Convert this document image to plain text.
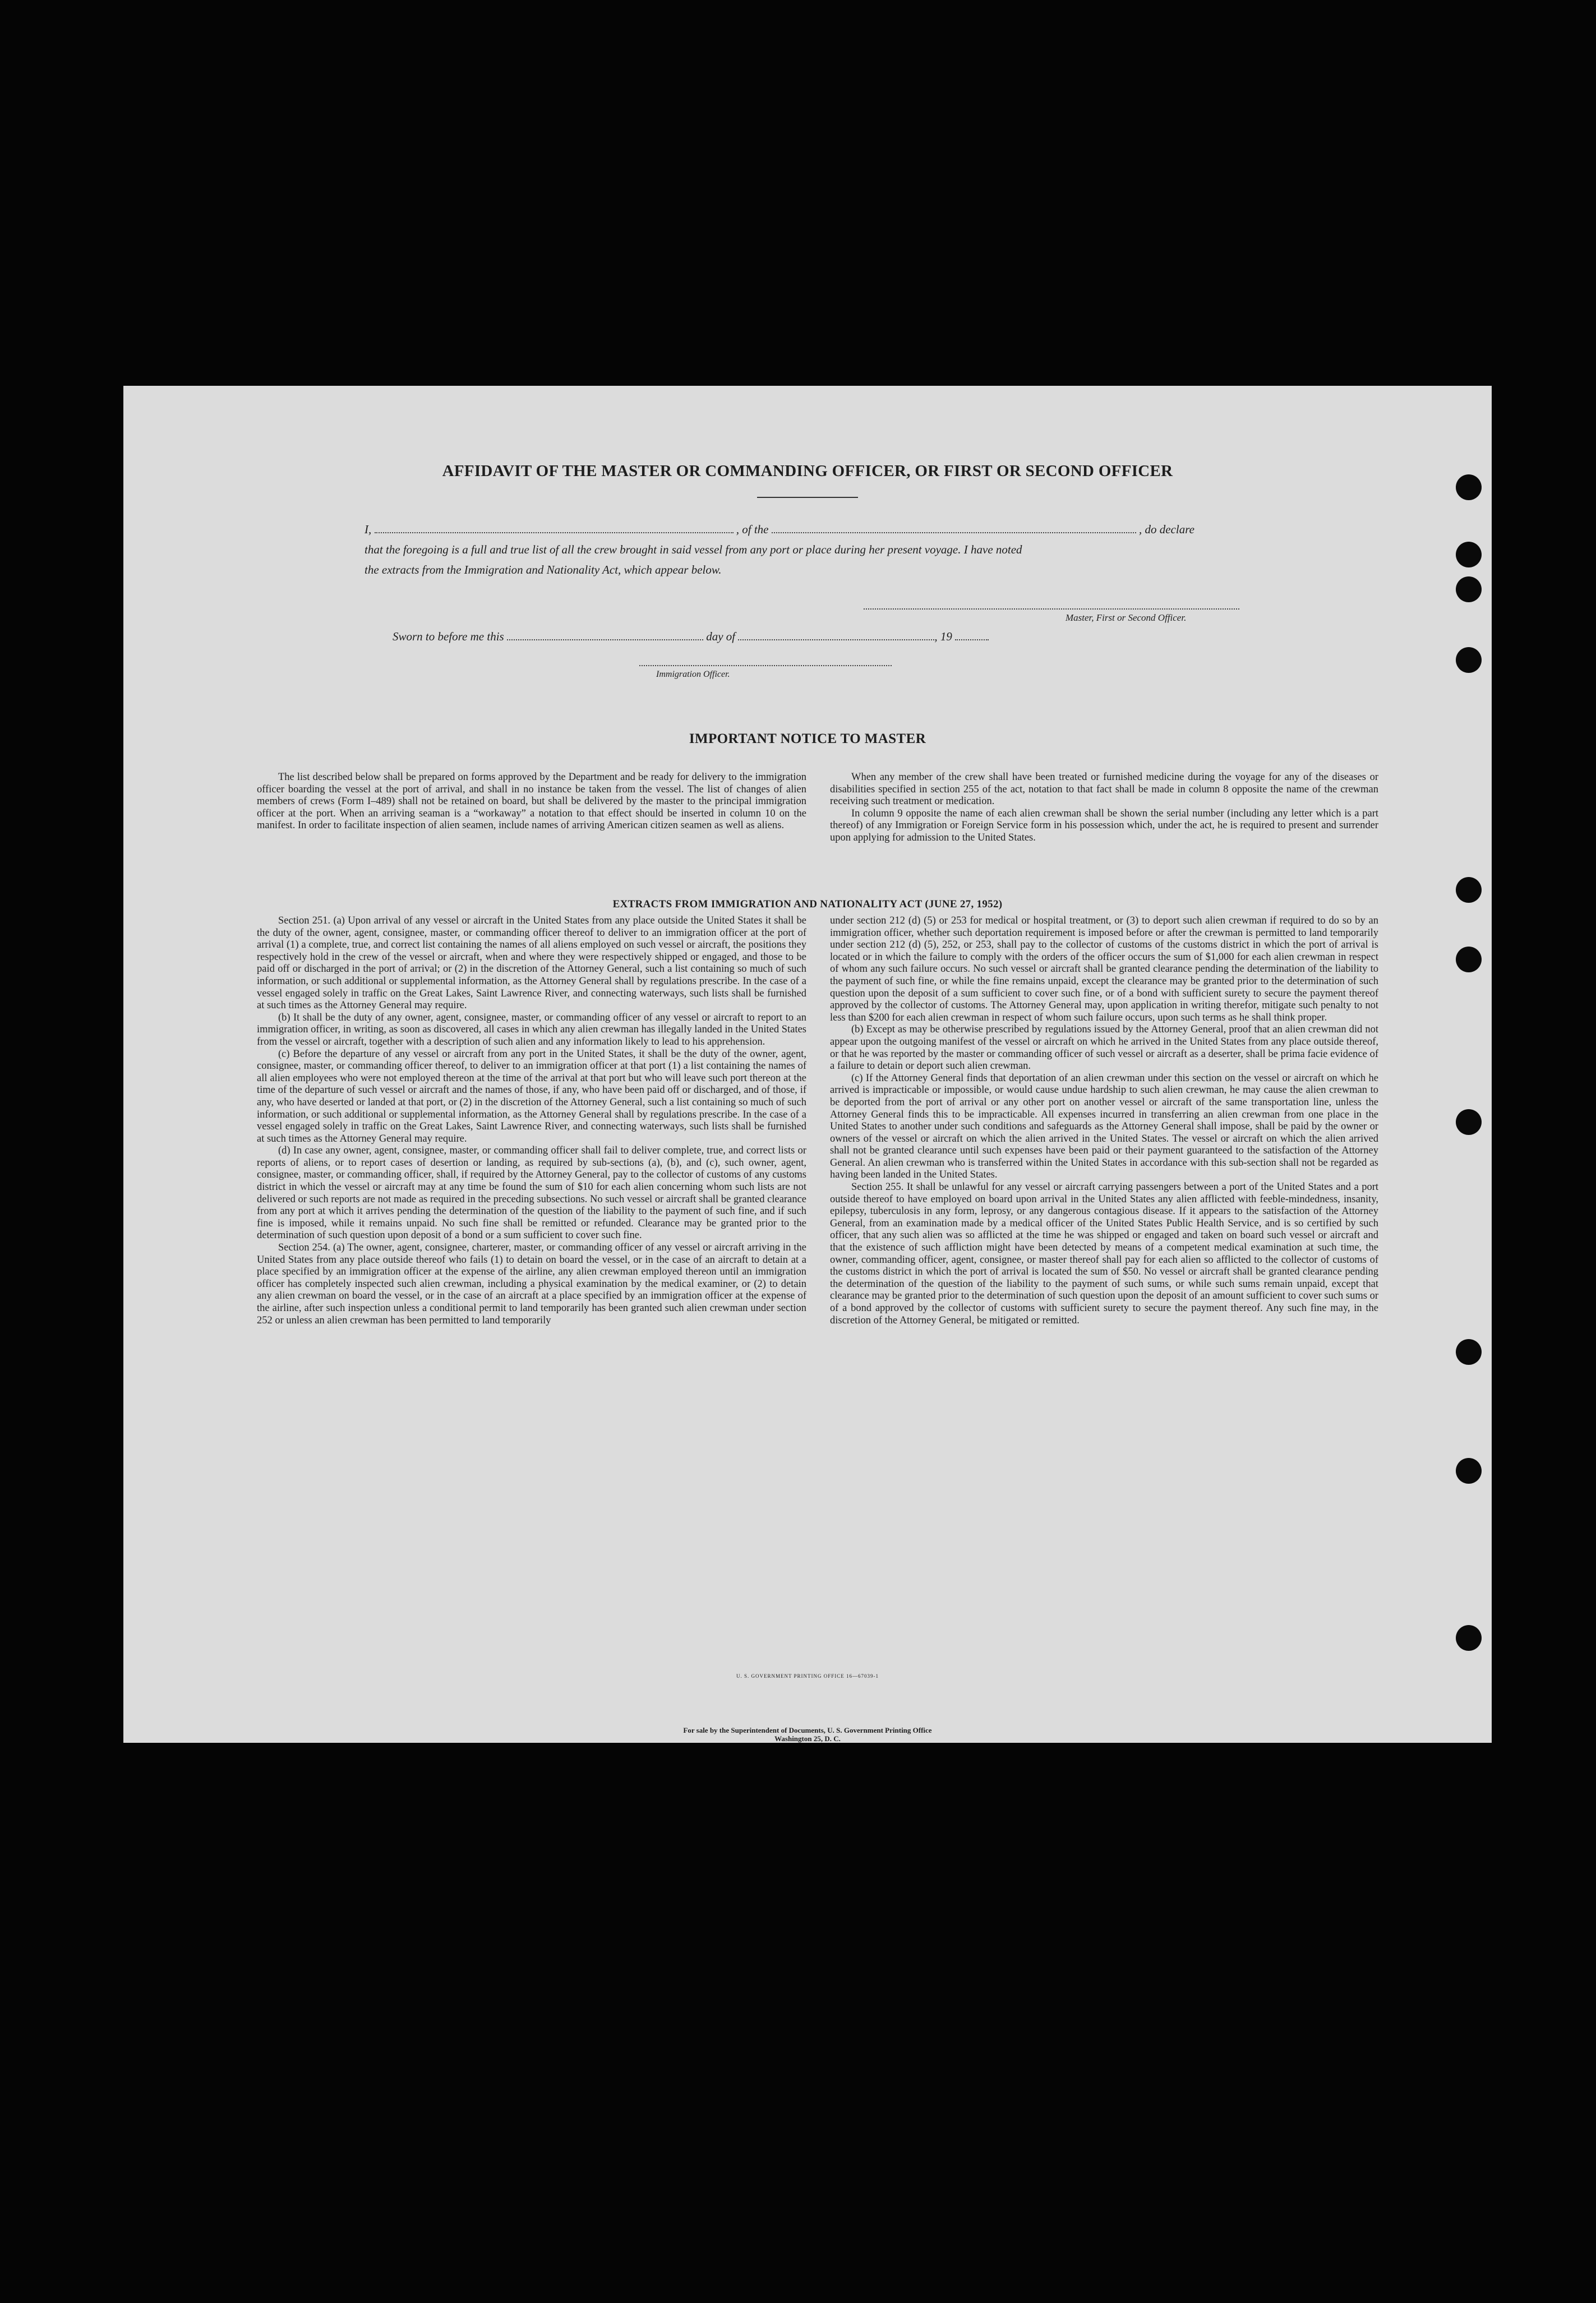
AFFIDAVIT OF THE MASTER OR COMMANDING OFFICER, OR FIRST OR SECOND OFFICER
I,	, of the	, do declare
that the foregoing is a full and true list of all the crew brought in said vessel from any port or place during her present voyage. I have noted
the extracts from the Immigration and Nationality Act, which appear below.
Master, First or Second Officer.
Sworn to before me this	day of	, 19
Immigration Officer.
IMPORTANT NOTICE TO MASTER

The list described below shall be prepared on forms approved by the Department and be ready for delivery to the immigration officer boarding the vessel at the port of arrival, and shall in no instance be taken from the vessel. The list of changes of alien members of crews (Form I–489) shall not be retained on board, but shall be delivered by the master to the principal immigration officer at the port. When an arriving seaman is a “workaway” a notation to that effect should be inserted in column 10 on the manifest. In order to facilitate inspection of alien seamen, include names of arriving American citizen seamen as well as aliens.

When any member of the crew shall have been treated or furnished medicine during the voyage for any of the diseases or disabilities specified in section 255 of the act, notation to that fact shall be made in column 8 opposite the name of the crewman receiving such treatment or medication.

In column 9 opposite the name of each alien crewman shall be shown the serial number (including any letter which is a part thereof) of any Immigration or Foreign Service form in his possession which, under the act, he is required to present and surrender upon applying for admission to the United States.

EXTRACTS FROM IMMIGRATION AND NATIONALITY ACT (JUNE 27, 1952)

Section 251. (a) Upon arrival of any vessel or aircraft in the United States from any place outside the United States it shall be the duty of the owner, agent, consignee, master, or commanding officer thereof to deliver to an immigration officer at the port of arrival (1) a complete, true, and correct list containing the names of all aliens employed on such vessel or aircraft, the positions they respectively hold in the crew of the vessel or aircraft, when and where they were respectively shipped or engaged, and those to be paid off or discharged in the port of arrival; or (2) in the discretion of the Attorney General, such a list containing so much of such information, or such additional or supplemental information, as the Attorney General shall by regulations prescribe. In the case of a vessel engaged solely in traffic on the Great Lakes, Saint Lawrence River, and connecting waterways, such lists shall be furnished at such times as the Attorney General may require.

(b) It shall be the duty of any owner, agent, consignee, master, or commanding officer of any vessel or aircraft to report to an immigration officer, in writing, as soon as discovered, all cases in which any alien crewman has illegally landed in the United States from the vessel or aircraft, together with a description of such alien and any information likely to lead to his apprehension.

(c) Before the departure of any vessel or aircraft from any port in the United States, it shall be the duty of the owner, agent, consignee, master, or commanding officer thereof, to deliver to an immigration officer at that port (1) a list containing the names of all alien employees who were not employed thereon at the time of the arrival at that port but who will leave such port thereon at the time of the departure of such vessel or aircraft and the names of those, if any, who have been paid off or discharged, and of those, if any, who have deserted or landed at that port, or (2) in the discretion of the Attorney General, such a list containing so much of such information, or such additional or supplemental information, as the Attorney General shall by regulations prescribe. In the case of a vessel engaged solely in traffic on the Great Lakes, Saint Lawrence River, and connecting waterways, such lists shall be furnished at such times as the Attorney General may require.

(d) In case any owner, agent, consignee, master, or commanding officer shall fail to deliver complete, true, and correct lists or reports of aliens, or to report cases of desertion or landing, as required by sub-sections (a), (b), and (c), such owner, agent, consignee, master, or commanding officer, shall, if required by the Attorney General, pay to the collector of customs of any customs district in which the vessel or aircraft may at any time be found the sum of $10 for each alien concerning whom such lists are not delivered or such reports are not made as required in the preceding subsections. No such vessel or aircraft shall be granted clearance from any port at which it arrives pending the determination of the question of the liability to the payment of such fine, and if such fine is imposed, while it remains unpaid. No such fine shall be remitted or refunded. Clearance may be granted prior to the determination of such question upon deposit of a bond or a sum sufficient to cover such fine.

Section 254. (a) The owner, agent, consignee, charterer, master, or commanding officer of any vessel or aircraft arriving in the United States from any place outside thereof who fails (1) to detain on board the vessel, or in the case of an aircraft to detain at a place specified by an immigration officer at the expense of the airline, any alien crewman employed thereon until an immigration officer has completely inspected such alien crewman, including a physical examination by the medical examiner, or (2) to detain any alien crewman on board the vessel, or in the case of an aircraft at a place specified by an immigration officer at the expense of the airline, after such inspection unless a conditional permit to land temporarily has been granted such alien crewman under section 252 or unless an alien crewman has been permitted to land temporarily

under section 212 (d) (5) or 253 for medical or hospital treatment, or (3) to deport such alien crewman if required to do so by an immigration officer, whether such deportation requirement is imposed before or after the crewman is permitted to land temporarily under section 212 (d) (5), 252, or 253, shall pay to the collector of customs of the customs district in which the port of arrival is located or in which the failure to comply with the orders of the officer occurs the sum of $1,000 for each alien crewman in respect of whom any such failure occurs. No such vessel or aircraft shall be granted clearance pending the determination of the liability to the payment of such fine, or while the fine remains unpaid, except the clearance may be granted prior to the determination of such question upon the deposit of a sum sufficient to cover such fine, or of a bond with sufficient surety to secure the payment thereof approved by the collector of customs. The Attorney General may, upon application in writing therefor, mitigate such penalty to not less than $200 for each alien crewman in respect of whom such failure occurs, upon such terms as he shall think proper.

(b) Except as may be otherwise prescribed by regulations issued by the Attorney General, proof that an alien crewman did not appear upon the outgoing manifest of the vessel or aircraft on which he arrived in the United States from any place outside thereof, or that he was reported by the master or commanding officer of such vessel or aircraft as a deserter, shall be prima facie evidence of a failure to detain or deport such alien crewman.

(c) If the Attorney General finds that deportation of an alien crewman under this section on the vessel or aircraft on which he arrived is impracticable or impossible, or would cause undue hardship to such alien crewman, he may cause the alien crewman to be deported from the port of arrival or any other port on another vessel or aircraft of the same transportation line, unless the Attorney General finds this to be impracticable. All expenses incurred in transferring an alien crewman from one place in the United States to another under such conditions and safeguards as the Attorney General shall impose, shall be paid by the owner or owners of the vessel or aircraft on which the alien arrived in the United States. The vessel or aircraft on which the alien arrived shall not be granted clearance until such expenses have been paid or their payment guaranteed to the satisfaction of the Attorney General. An alien crewman who is transferred within the United States in accordance with this sub-section shall not be regarded as having been landed in the United States.

Section 255. It shall be unlawful for any vessel or aircraft carrying passengers between a port of the United States and a port outside thereof to have employed on board upon arrival in the United States any alien afflicted with feeble-mindedness, insanity, epilepsy, tuberculosis in any form, leprosy, or any dangerous contagious disease. If it appears to the satisfaction of the Attorney General, from an examination made by a medical officer of the United States Public Health Service, and is so certified by such officer, that any such alien was so afflicted at the time he was shipped or engaged and taken on board such vessel or aircraft and that the existence of such affliction might have been detected by means of a competent medical examination at such time, the owner, commanding officer, agent, consignee, or master thereof shall pay for each alien so afflicted to the collector of customs of the customs district in which the port of arrival is located the sum of $50. No vessel or aircraft shall be granted clearance pending the determination of the question of the liability to the payment of such sums, or while such sums remain unpaid, except that clearance may be granted prior to the determination of such question upon the deposit of an amount sufficient to cover such sums or of a bond approved by the collector of customs with sufficient surety to secure the payment thereof. Any such fine may, in the discretion of the Attorney General, be mitigated or remitted.

U. S. GOVERNMENT PRINTING OFFICE 16—67039-1
For sale by the Superintendent of Documents, U. S. Government Printing Office
Washington 25, D. C.
